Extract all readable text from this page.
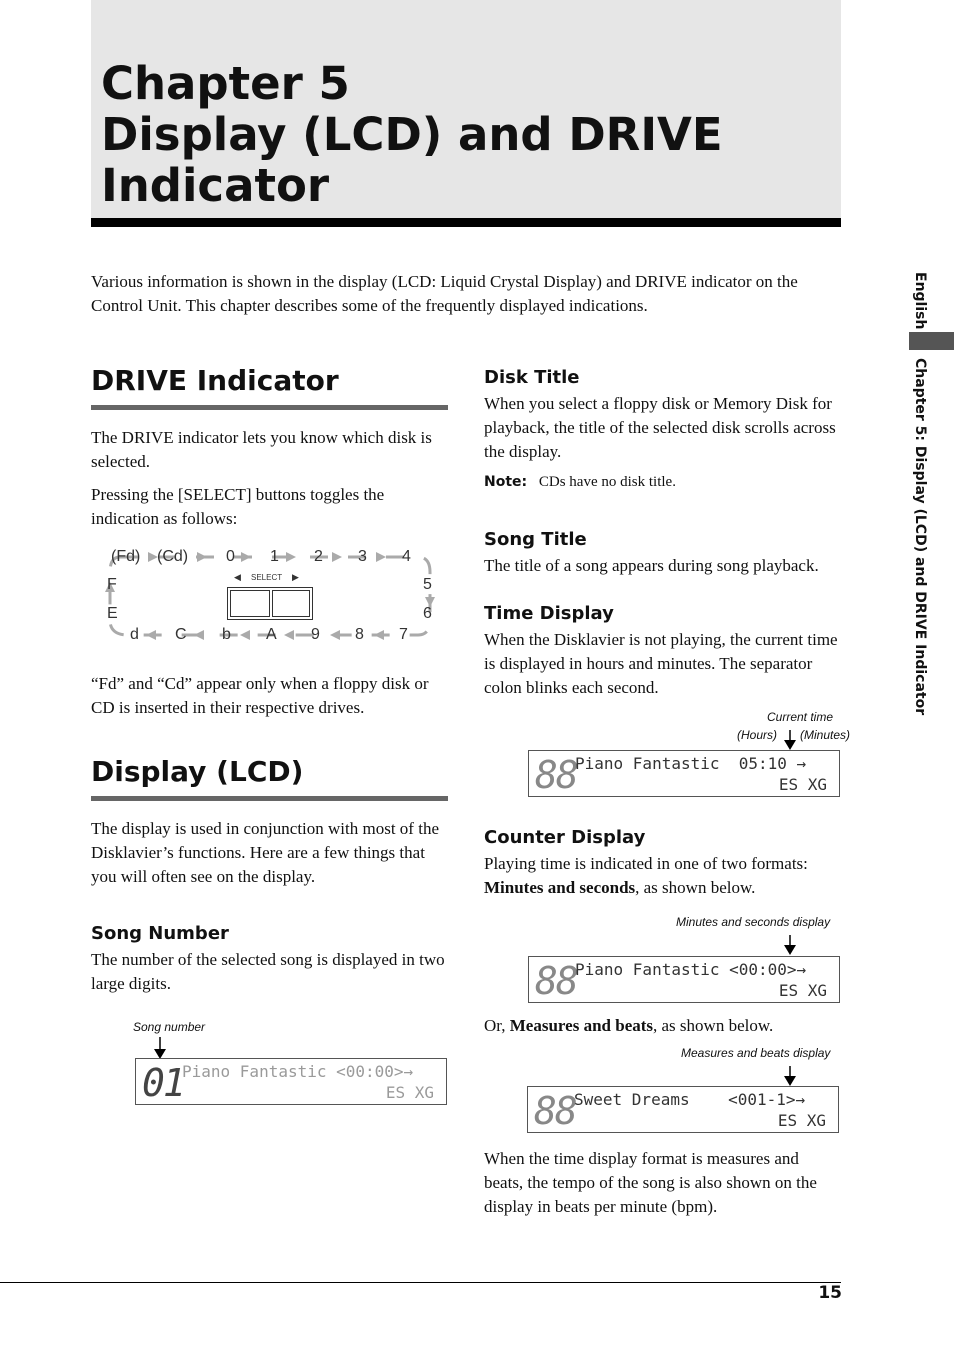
Chapter 5
Display (LCD) and DRIVE
Indicator

Various information is shown in the display (LCD: Liquid Crystal Display) and DRIVE indicator on the Control Unit. This chapter describes some of the frequently displayed indications.	English
Chapter 5: Display (LCD) and DRIVE Indicator
DRIVE Indicator

The DRIVE indicator lets you know which disk is selected.

Pressing the [SELECT] buttons toggles the indication as follows:

(Fd) (Cd) 0 1 2 3 4
F
E
5
6
d C b A 9 8 7
◀ SELECT ▶

“Fd” and “Cd” appear only when a floppy disk or CD is inserted in their respective drives.

Display (LCD)

The display is used in conjunction with most of the Disklavier’s functions. Here are a few things that you will often see on the display.

Song Number

The number of the selected song is displayed in two large digits.

Song number
01
Piano Fantastic <00:00>→
ES XG
Disk Title

When you select a floppy disk or Memory Disk for playback, the title of the selected disk scrolls across the display.

Note: CDs have no disk title.
Song Title

The title of a song appears during song playback.

Time Display

When the Disklavier is not playing, the current time is displayed in hours and minutes. The separator colon blinks each second.

Current time
(Hours) (Minutes)
88
Piano Fantastic  05:10 →
ES XG
Counter Display

Playing time is indicated in one of two formats:
Minutes and seconds, as shown below.

Minutes and seconds display
88
Piano Fantastic <00:00>→
ES XG

Or, Measures and beats, as shown below.

Measures and beats display
88
Sweet Dreams    <001-1>→
ES XG

When the time display format is measures and beats, the tempo of the song is also shown on the display in beats per minute (bpm).

15
